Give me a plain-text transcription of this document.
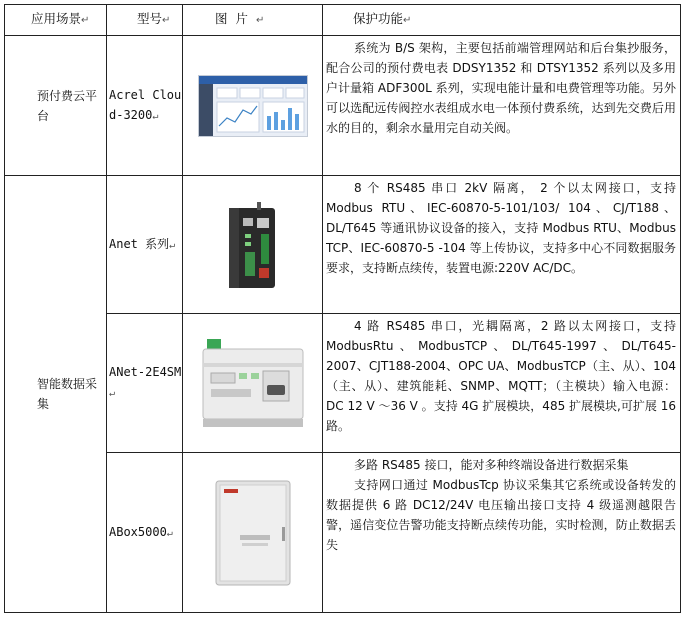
应用场景↵	型号↵	图片↵	保护功能↵

预付费云平台	Acrel Cloud-3200↵		系统为 B/S 架构，主要包括前端管理网站和后台集抄服务，配合公司的预付费电表 DDSY1352 和 DTSY1352 系列以及多用户计量箱 ADF300L 系列，实现电能计量和电费管理等功能。另外可以选配远传阀控水表组成水电一体预付费系统，达到先交费后用水的目的，剩余水量用完自动关阀。

智能数据采集	Anet 系列↵		8 个 RS485 串口 2kV 隔离， 2 个以太网接口，支持 Modbus RTU、IEC-60870-5-101/103/ 104、CJ/T188、DL/T645 等通讯协议设备的接入，支持 Modbus RTU、Modbus TCP、IEC-60870-5 -104 等上传协议，支持多中心不同数据服务要求，支持断点续传，装置电源:220V AC/DC。

	ANet-2E4SM↵		4 路 RS485 串口，光耦隔离，2 路以太网接口，支持 ModbusRtu、ModbusTCP、DL/T645-1997、DL/T645-2007、CJT188-2004、OPC UA、ModbusTCP（主、从）、104（主、从）、建筑能耗、SNMP、MQTT；（主模块）输入电源：DC 12 V ～36 V 。支持 4G 扩展模块，485 扩展模块,可扩展 16 路。

	ABox5000↵		多路 RS485 接口，能对多种终端设备进行数据采集

支持网口通过 ModbusTcp 协议采集其它系统或设备转发的数据提供 6 路 DC12/24V 电压输出接口支持 4 级遥测越限告警，遥信变位告警功能支持断点续传功能，实时检测，防止数据丢失
